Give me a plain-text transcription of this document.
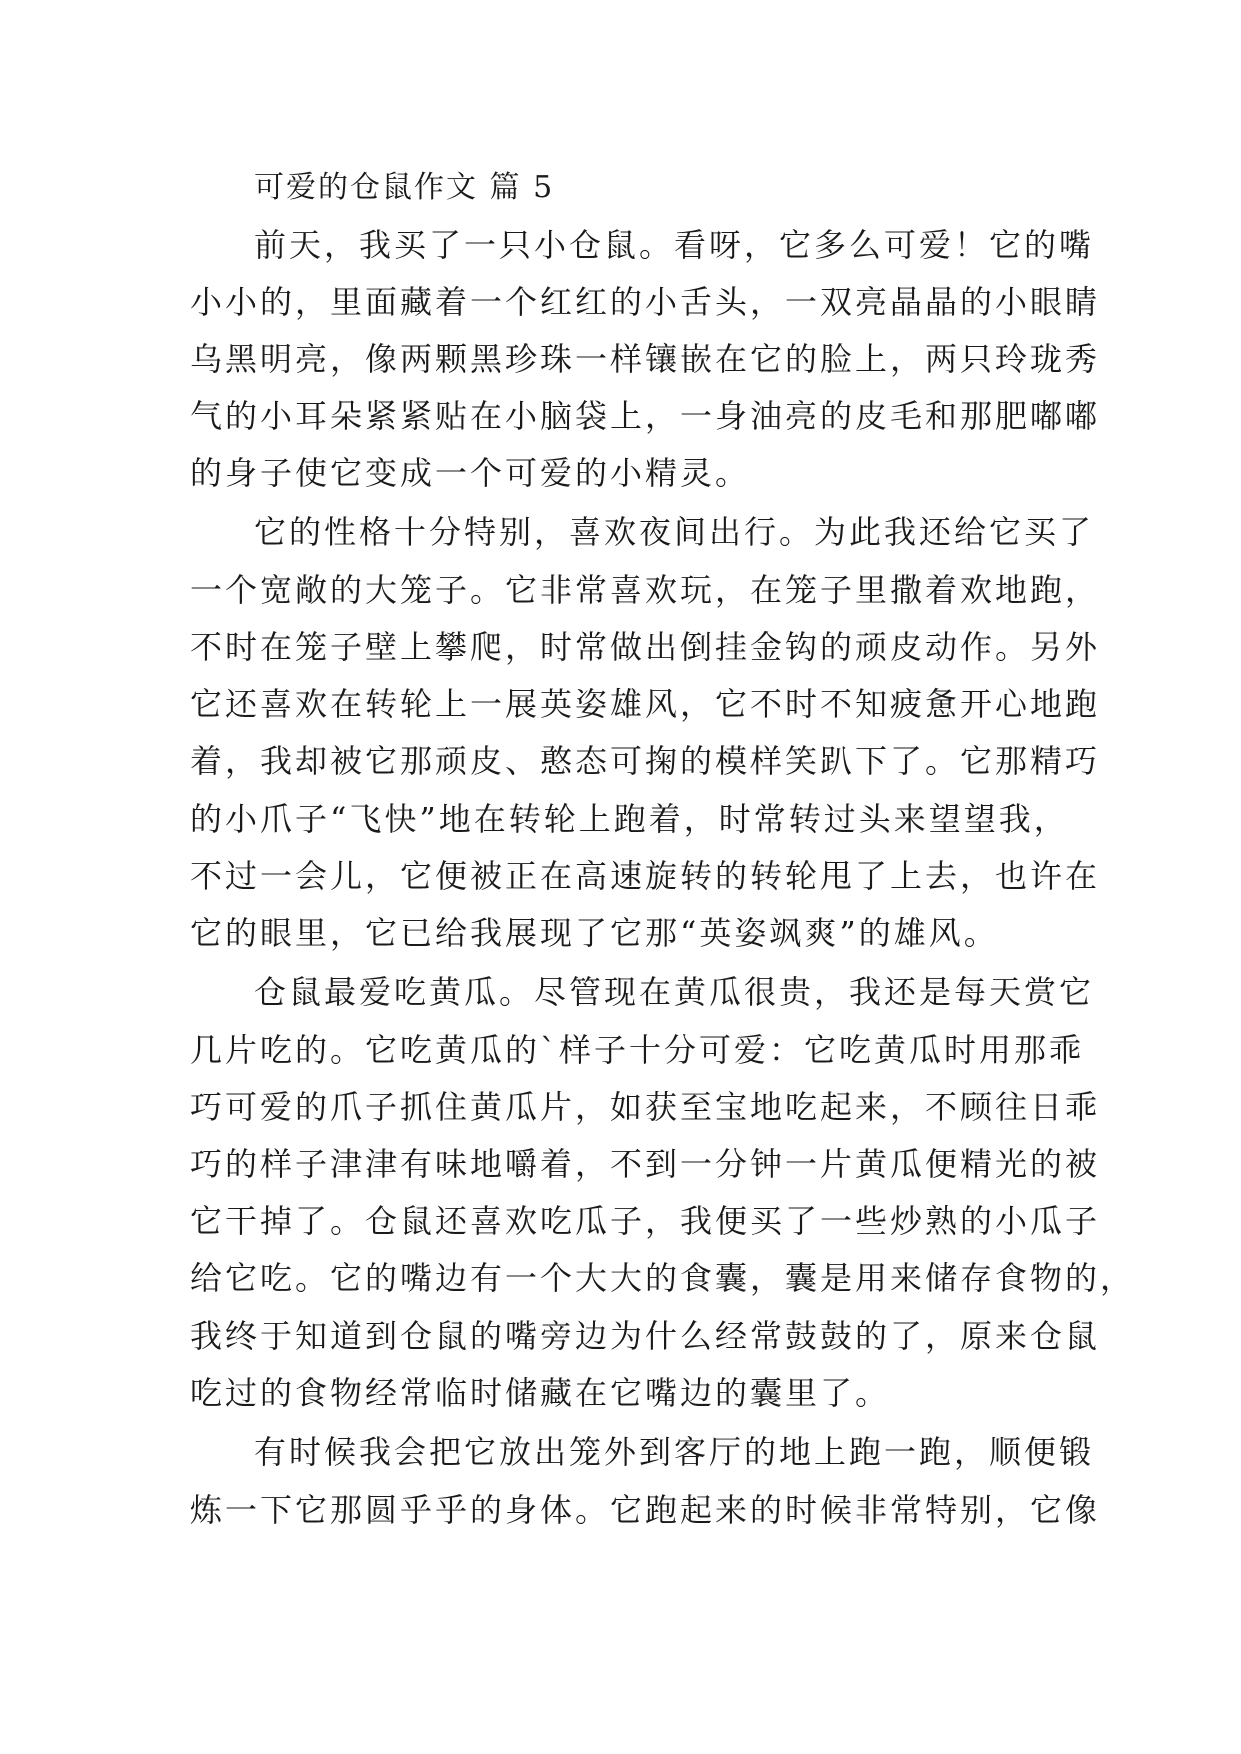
可爱的仓鼠作文 篇 5
前天，我买了一只小仓鼠。看呀，它多么可爱！它的嘴
小小的，里面藏着一个红红的小舌头，一双亮晶晶的小眼睛
乌黑明亮，像两颗黑珍珠一样镶嵌在它的脸上，两只玲珑秀
气的小耳朵紧紧贴在小脑袋上，一身油亮的皮毛和那肥嘟嘟
的身子使它变成一个可爱的小精灵。
它的性格十分特别，喜欢夜间出行。为此我还给它买了
一个宽敞的大笼子。它非常喜欢玩，在笼子里撒着欢地跑，
不时在笼子壁上攀爬，时常做出倒挂金钩的顽皮动作。另外
它还喜欢在转轮上一展英姿雄风，它不时不知疲惫开心地跑
着，我却被它那顽皮、憨态可掬的模样笑趴下了。它那精巧
的小爪子“飞快”地在转轮上跑着，时常转过头来望望我，
不过一会儿，它便被正在高速旋转的转轮甩了上去，也许在
它的眼里，它已给我展现了它那“英姿飒爽”的雄风。
仓鼠最爱吃黄瓜。尽管现在黄瓜很贵，我还是每天赏它
几片吃的。它吃黄瓜的`样子十分可爱：它吃黄瓜时用那乖
巧可爱的爪子抓住黄瓜片，如获至宝地吃起来，不顾往日乖
巧的样子津津有味地嚼着，不到一分钟一片黄瓜便精光的被
它干掉了。仓鼠还喜欢吃瓜子，我便买了一些炒熟的小瓜子
给它吃。它的嘴边有一个大大的食囊，囊是用来储存食物的，
我终于知道到仓鼠的嘴旁边为什么经常鼓鼓的了，原来仓鼠
吃过的食物经常临时储藏在它嘴边的囊里了。
有时候我会把它放出笼外到客厅的地上跑一跑，顺便锻
炼一下它那圆乎乎的身体。它跑起来的时候非常特别，它像
